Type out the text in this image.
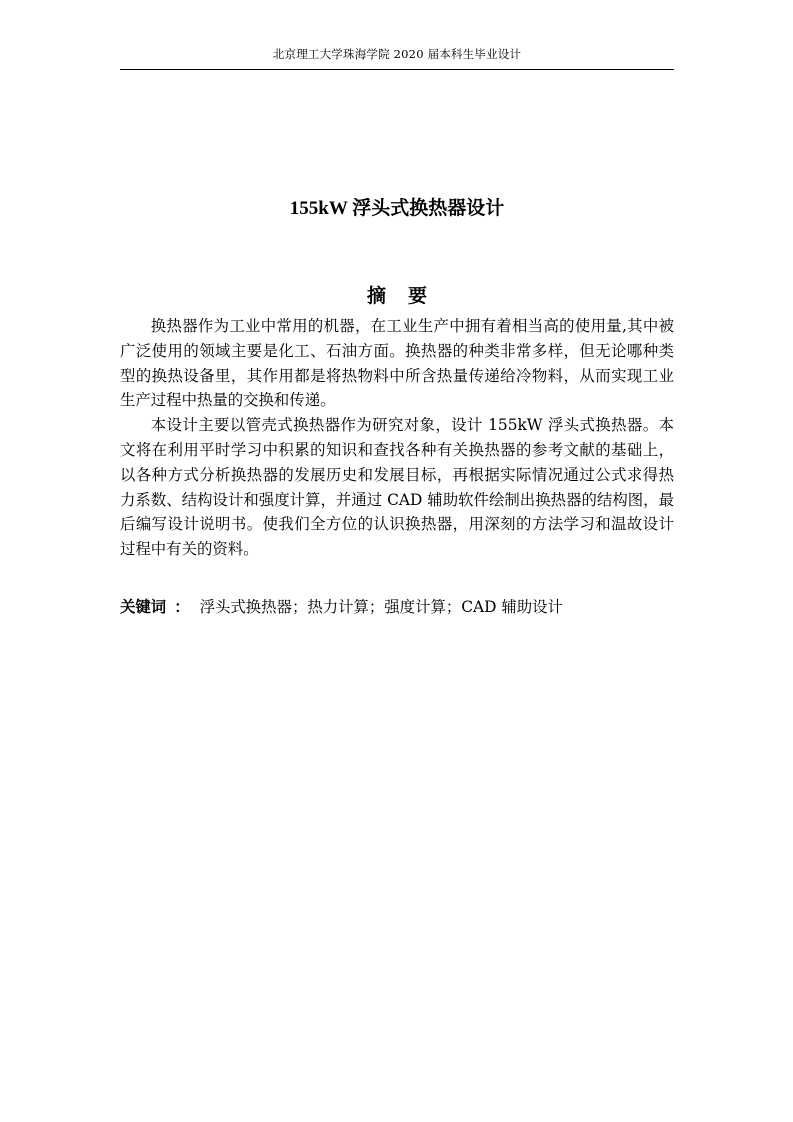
北京理工大学珠海学院 2020 届本科生毕业设计
155kW 浮头式换热器设计
摘 要

换热器作为工业中常用的机器，在工业生产中拥有着相当高的使用量,其中被广泛使用的领域主要是化工、石油方面。换热器的种类非常多样，但无论哪种类型的换热设备里，其作用都是将热物料中所含热量传递给冷物料，从而实现工业生产过程中热量的交换和传递。

本设计主要以管壳式换热器作为研究对象，设计 155kW 浮头式换热器。本文将在利用平时学习中积累的知识和查找各种有关换热器的参考文献的基础上，以各种方式分析换热器的发展历史和发展目标，再根据实际情况通过公式求得热力系数、结构设计和强度计算，并通过 CAD 辅助软件绘制出换热器的结构图，最后编写设计说明书。使我们全方位的认识换热器，用深刻的方法学习和温故设计过程中有关的资料。

关键词 ： 浮头式换热器；热力计算；强度计算；CAD 辅助设计
